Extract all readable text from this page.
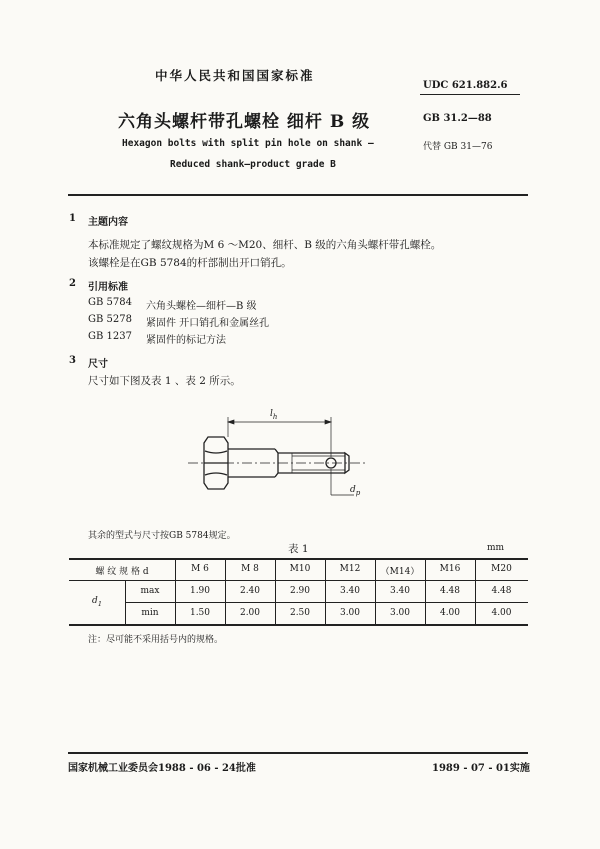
中华人民共和国国家标准
UDC 621.882.6
六角头螺杆带孔螺栓 细杆 B 级	GB 31.2—88
Hexagon bolts with split pin hole on shank —	代替 GB 31—76
Reduced shank—product grade B
1 主题内容
本标准规定了螺纹规格为M 6 ～M20、细杆、B 级的六角头螺杆带孔螺栓。
该螺栓是在GB 5784的杆部制出开口销孔。
2 引用标准
GB 5784 六角头螺栓—细杆—B 级
GB 5278 紧固件 开口销孔和金属丝孔
GB 1237 紧固件的标记方法
3 尺寸
尺寸如下图及表 1 、表 2 所示。
$l_h$
$d_p$
其余的型式与尺寸按GB 5784规定。
表 1	mm
螺 纹 规 格 d	M 6	M 8	M10	M12	（M14）	M16	M20
$d_1$
max	1.90	2.40	2.90	3.40	3.40	4.48	4.48
min	1.50	2.00	2.50	3.00	3.00	4.00	4.00
注：尽可能不采用括号内的规格。
国家机械工业委员会1988 - 06 - 24批准	1989 - 07 - 01实施
